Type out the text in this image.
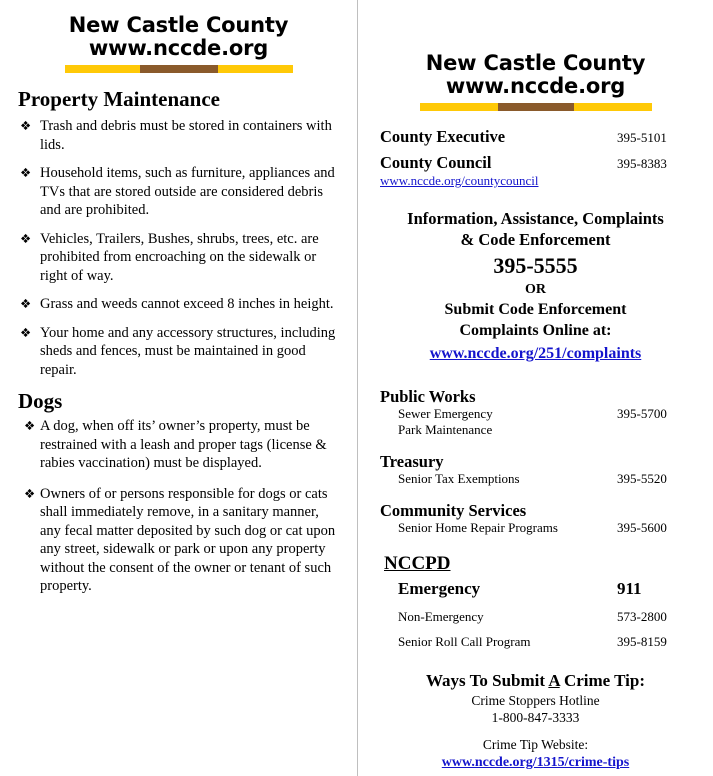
New Castle County
www.nccde.org
Property Maintenance
❖ Trash and debris must be stored in containers with lids.
❖ Household items, such as furniture, appliances and TVs that are stored outside are considered debris and are prohibited.
❖ Vehicles, Trailers, Bushes, shrubs, trees, etc. are prohibited from encroaching on the sidewalk or right of way.
❖ Grass and weeds cannot exceed 8 inches in height.
❖ Your home and any accessory structures, including sheds and fences, must be maintained in good repair.
Dogs
❖ A dog, when off its’ owner’s property, must be restrained with a leash and proper tags (license & rabies vaccination) must be displayed.
❖ Owners of or persons responsible for dogs or cats shall immediately remove, in a sanitary manner, any fecal matter deposited by such dog or cat upon any street, sidewalk or park or upon any property without the consent of the owner or tenant of such property.
New Castle County
www.nccde.org
County Executive	395-5101
County Council	395-8383
www.nccde.org/countycouncil
Information, Assistance, Complaints
& Code Enforcement
395-5555
OR
Submit Code Enforcement
Complaints Online at:
www.nccde.org/251/complaints
Public Works
Sewer Emergency	395-5700
Park Maintenance
Treasury
Senior Tax Exemptions	395-5520
Community Services
Senior Home Repair Programs	395-5600
NCCPD
Emergency	911
Non-Emergency	573-2800
Senior Roll Call Program	395-8159
Ways To Submit A Crime Tip:
Crime Stoppers Hotline
1-800-847-3333
Crime Tip Website:
www.nccde.org/1315/crime-tips
